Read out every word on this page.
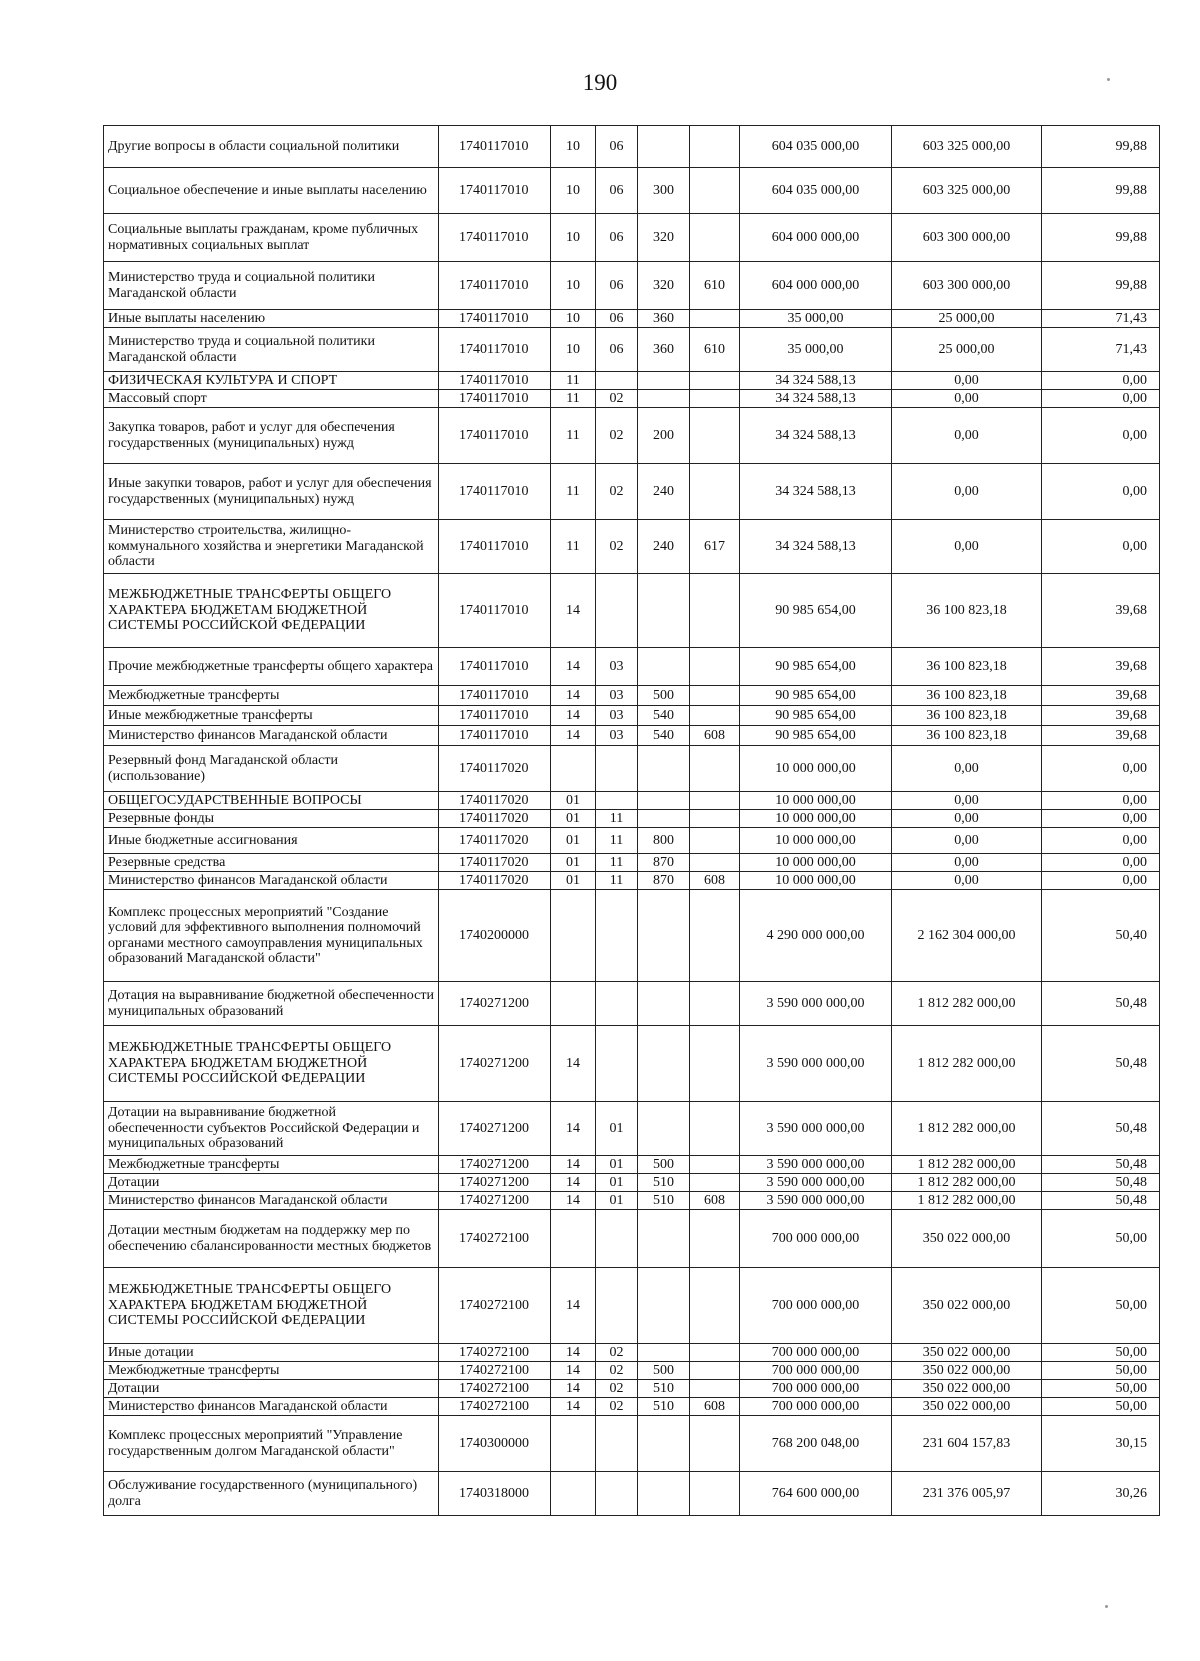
190
Другие вопросы в области социальной политики	1740117010	10	06			604 035 000,00	603 325 000,00	99,88
Социальное обеспечение и иные выплаты населению	1740117010	10	06	300		604 035 000,00	603 325 000,00	99,88
Социальные выплаты гражданам, кроме публичных нормативных социальных выплат	1740117010	10	06	320		604 000 000,00	603 300 000,00	99,88
Министерство труда и социальной политики Магаданской области	1740117010	10	06	320	610	604 000 000,00	603 300 000,00	99,88
Иные выплаты населению	1740117010	10	06	360		35 000,00	25 000,00	71,43
Министерство труда и социальной политики Магаданской области	1740117010	10	06	360	610	35 000,00	25 000,00	71,43
ФИЗИЧЕСКАЯ КУЛЬТУРА И СПОРТ	1740117010	11				34 324 588,13	0,00	0,00
Массовый спорт	1740117010	11	02			34 324 588,13	0,00	0,00
Закупка товаров, работ и услуг для обеспечения государственных (муниципальных) нужд	1740117010	11	02	200		34 324 588,13	0,00	0,00
Иные закупки товаров, работ и услуг для обеспечения государственных (муниципальных) нужд	1740117010	11	02	240		34 324 588,13	0,00	0,00
Министерство строительства, жилищно-коммунального хозяйства и энергетики Магаданской области	1740117010	11	02	240	617	34 324 588,13	0,00	0,00
МЕЖБЮДЖЕТНЫЕ ТРАНСФЕРТЫ ОБЩЕГО ХАРАКТЕРА БЮДЖЕТАМ БЮДЖЕТНОЙ СИСТЕМЫ РОССИЙСКОЙ ФЕДЕРАЦИИ	1740117010	14				90 985 654,00	36 100 823,18	39,68
Прочие межбюджетные трансферты общего характера	1740117010	14	03			90 985 654,00	36 100 823,18	39,68
Межбюджетные трансферты	1740117010	14	03	500		90 985 654,00	36 100 823,18	39,68
Иные межбюджетные трансферты	1740117010	14	03	540		90 985 654,00	36 100 823,18	39,68
Министерство финансов Магаданской области	1740117010	14	03	540	608	90 985 654,00	36 100 823,18	39,68
Резервный фонд Магаданской области (использование)	1740117020					10 000 000,00	0,00	0,00
ОБЩЕГОСУДАРСТВЕННЫЕ ВОПРОСЫ	1740117020	01				10 000 000,00	0,00	0,00
Резервные фонды	1740117020	01	11			10 000 000,00	0,00	0,00
Иные бюджетные ассигнования	1740117020	01	11	800		10 000 000,00	0,00	0,00
Резервные средства	1740117020	01	11	870		10 000 000,00	0,00	0,00
Министерство финансов Магаданской области	1740117020	01	11	870	608	10 000 000,00	0,00	0,00
Комплекс процессных мероприятий "Создание условий для эффективного выполнения полномочий органами местного самоуправления муниципальных образований Магаданской области"	1740200000					4 290 000 000,00	2 162 304 000,00	50,40
Дотация на выравнивание бюджетной обеспеченности муниципальных образований	1740271200					3 590 000 000,00	1 812 282 000,00	50,48
МЕЖБЮДЖЕТНЫЕ ТРАНСФЕРТЫ ОБЩЕГО ХАРАКТЕРА БЮДЖЕТАМ БЮДЖЕТНОЙ СИСТЕМЫ РОССИЙСКОЙ ФЕДЕРАЦИИ	1740271200	14				3 590 000 000,00	1 812 282 000,00	50,48
Дотации на выравнивание бюджетной обеспеченности субъектов Российской Федерации и муниципальных образований	1740271200	14	01			3 590 000 000,00	1 812 282 000,00	50,48
Межбюджетные трансферты	1740271200	14	01	500		3 590 000 000,00	1 812 282 000,00	50,48
Дотации	1740271200	14	01	510		3 590 000 000,00	1 812 282 000,00	50,48
Министерство финансов Магаданской области	1740271200	14	01	510	608	3 590 000 000,00	1 812 282 000,00	50,48
Дотации местным бюджетам на поддержку мер по обеспечению сбалансированности местных бюджетов	1740272100					700 000 000,00	350 022 000,00	50,00
МЕЖБЮДЖЕТНЫЕ ТРАНСФЕРТЫ ОБЩЕГО ХАРАКТЕРА БЮДЖЕТАМ БЮДЖЕТНОЙ СИСТЕМЫ РОССИЙСКОЙ ФЕДЕРАЦИИ	1740272100	14				700 000 000,00	350 022 000,00	50,00
Иные дотации	1740272100	14	02			700 000 000,00	350 022 000,00	50,00
Межбюджетные трансферты	1740272100	14	02	500		700 000 000,00	350 022 000,00	50,00
Дотации	1740272100	14	02	510		700 000 000,00	350 022 000,00	50,00
Министерство финансов Магаданской области	1740272100	14	02	510	608	700 000 000,00	350 022 000,00	50,00
Комплекс процессных мероприятий "Управление государственным долгом Магаданской области"	1740300000					768 200 048,00	231 604 157,83	30,15
Обслуживание государственного (муниципального) долга	1740318000					764 600 000,00	231 376 005,97	30,26
